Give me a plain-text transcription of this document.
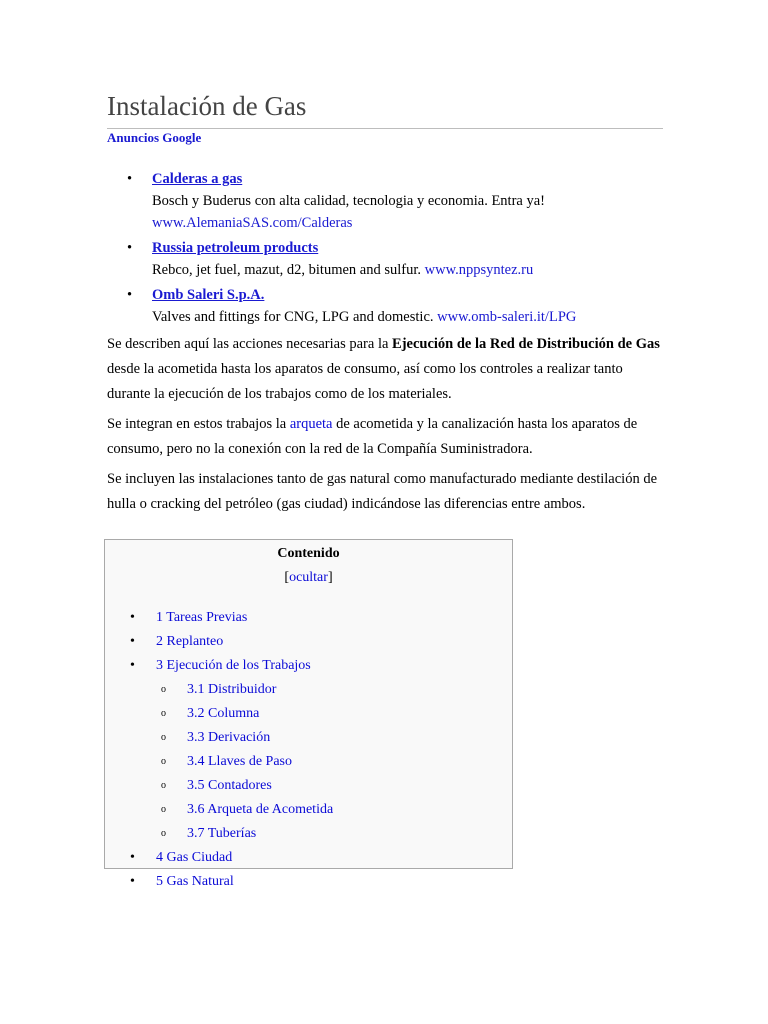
Instalación de Gas
Anuncios Google
• Calderas a gas
Bosch y Buderus con alta calidad, tecnologia y economia. Entra ya!
www.AlemaniaSAS.com/Calderas
• Russia petroleum products
Rebco, jet fuel, mazut, d2, bitumen and sulfur. www.nppsyntez.ru
• Omb Saleri S.p.A.
Valves and fittings for CNG, LPG and domestic. www.omb-saleri.it/LPG

Se describen aquí las acciones necesarias para la Ejecución de la Red de Distribución de Gas desde la acometida hasta los aparatos de consumo, así como los controles a realizar tanto durante la ejecución de los trabajos como de los materiales.

Se integran en estos trabajos la arqueta de acometida y la canalización hasta los aparatos de consumo, pero no la conexión con la red de la Compañía Suministradora.

Se incluyen las instalaciones tanto de gas natural como manufacturado mediante destilación de hulla o cracking del petróleo (gas ciudad) indicándose las diferencias entre ambos.

Contenido
[ocultar]
• 1 Tareas Previas
• 2 Replanteo
• 3 Ejecución de los Trabajos
o 3.1 Distribuidor
o 3.2 Columna
o 3.3 Derivación
o 3.4 Llaves de Paso
o 3.5 Contadores
o 3.6 Arqueta de Acometida
o 3.7 Tuberías
• 4 Gas Ciudad
• 5 Gas Natural
